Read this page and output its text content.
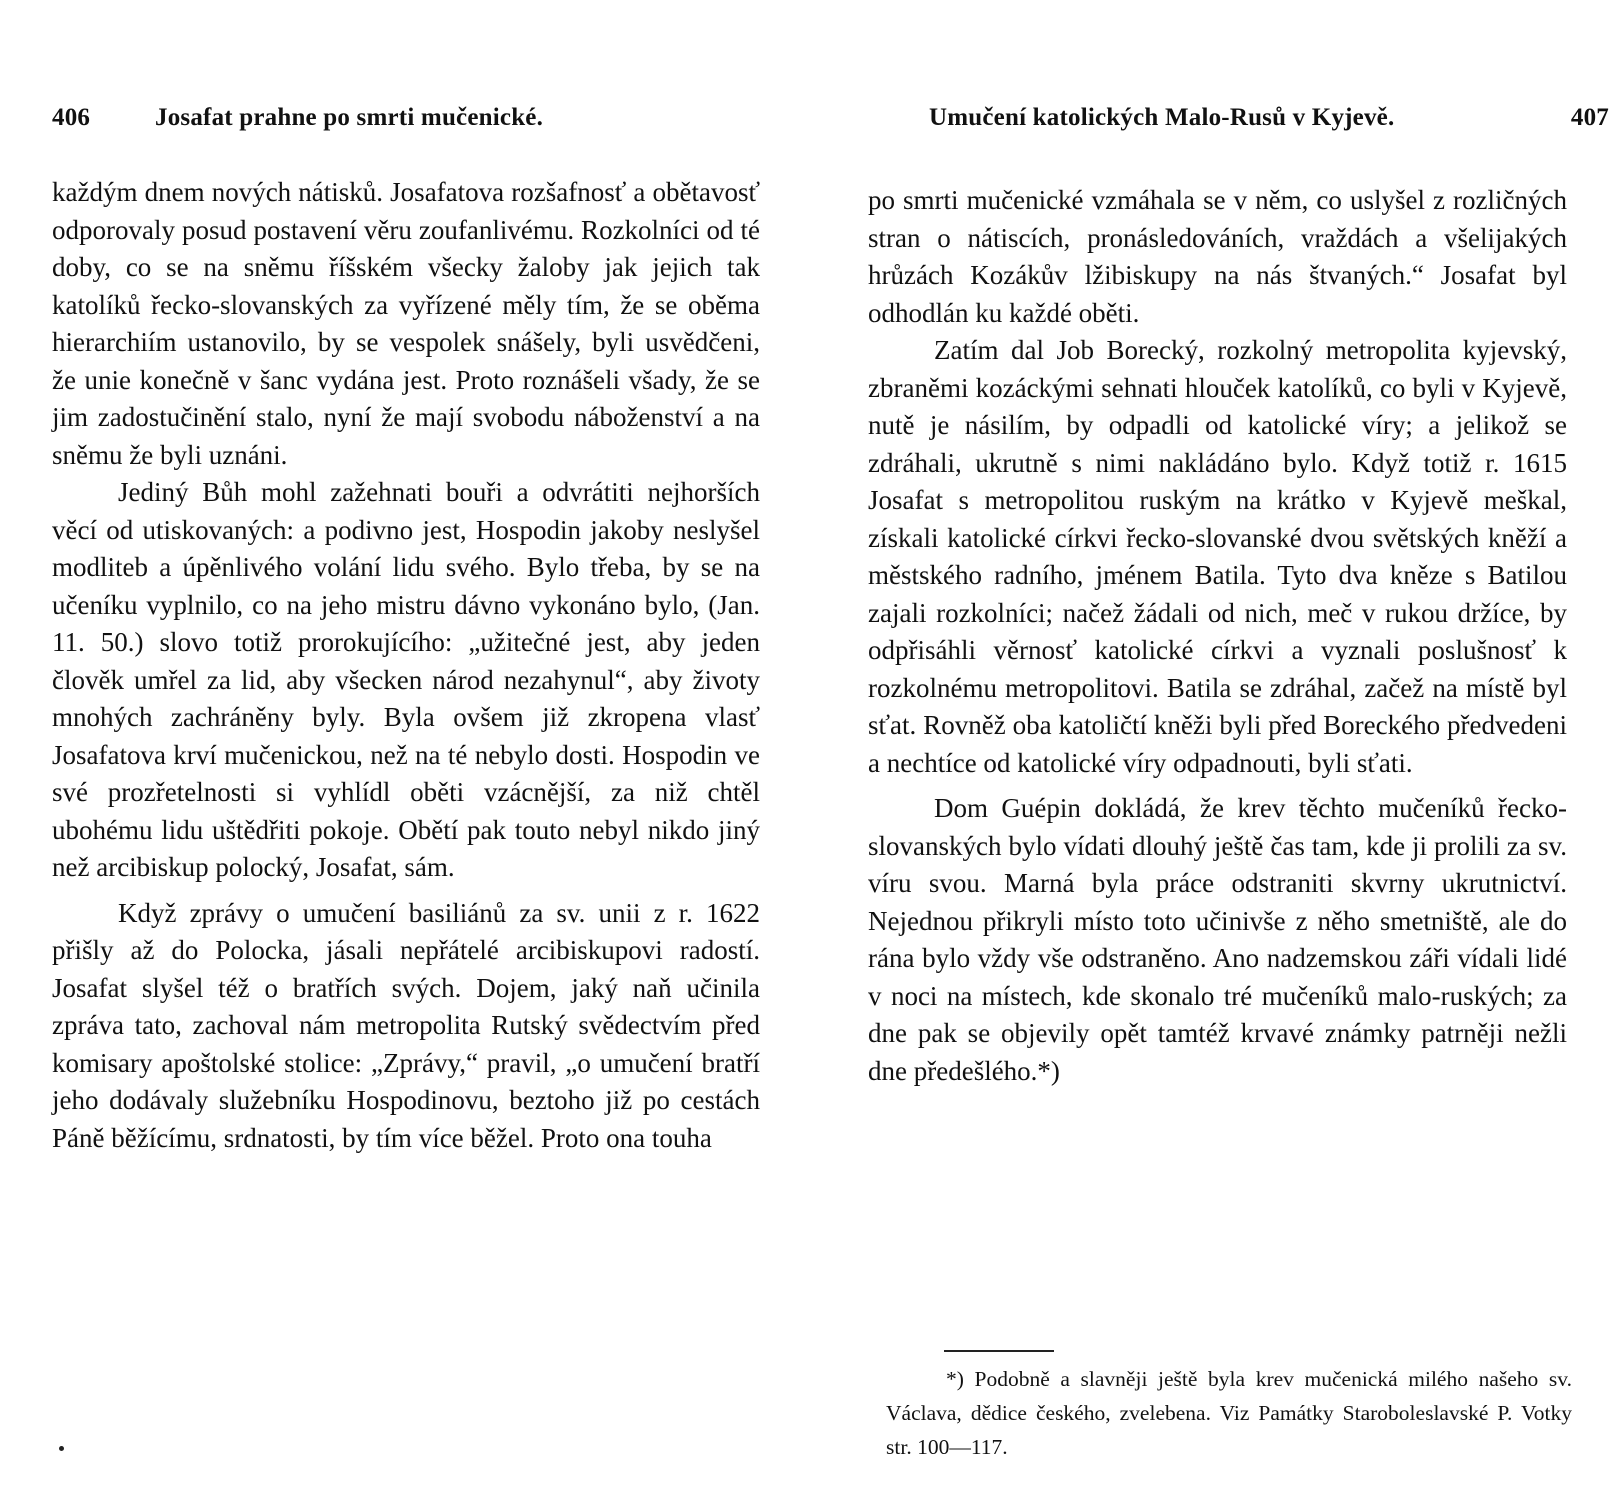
406	Josafat prahne po smrti mučenické.

každým dnem nových nátisků. Josafatova rozšafnosť a obětavosť odporovaly posud postavení věru zoufanlivému. Rozkolníci od té doby, co se na sněmu říšském všecky žaloby jak jejich tak katolíků řecko-slovanských za vyřízené měly tím, že se oběma hierarchiím ustanovilo, by se vespolek snášely, byli usvědčeni, že unie konečně v šanc vydána jest. Proto roznášeli všady, že se jim zadostučinění stalo, nyní že mají svobodu náboženství a na sněmu že byli uznáni.

Jediný Bůh mohl zažehnati bouři a odvrátiti nejhorších věcí od utiskovaných: a podivno jest, Hospodin jakoby neslyšel modliteb a úpěnlivého volání lidu svého. Bylo třeba, by se na učeníku vyplnilo, co na jeho mistru dávno vykonáno bylo, (Jan. 11. 50.) slovo totiž prorokujícího: „užitečné jest, aby jeden člověk umřel za lid, aby všecken národ nezahynul“, aby životy mnohých zachráněny byly. Byla ovšem již zkropena vlasť Josafatova krví mučenickou, než na té nebylo dosti. Hospodin ve své prozřetelnosti si vyhlídl oběti vzácnější, za niž chtěl ubohému lidu uštědřiti pokoje. Obětí pak touto nebyl nikdo jiný než arcibiskup polocký, Josafat, sám.

Když zprávy o umučení basiliánů za sv. unii z r. 1622 přišly až do Polocka, jásali nepřátelé arcibiskupovi radostí. Josafat slyšel též o bratřích svých. Dojem, jaký naň učinila zpráva tato, zachoval nám metropolita Rutský svědectvím před komisary apoštolské stolice: „Zprávy,“ pravil, „o umučení bratří jeho dodávaly služebníku Hospodinovu, beztoho již po cestách Páně běžícímu, srdnatosti, by tím více běžel. Proto ona touha

Umučení katolických Malo-Rusů v Kyjevě.	407

po smrti mučenické vzmáhala se v něm, co uslyšel z rozličných stran o nátiscích, pronásledováních, vraždách a všelijakých hrůzách Kozákův lžibiskupy na nás štvaných.“ Josafat byl odhodlán ku každé oběti.

Zatím dal Job Borecký, rozkolný metropolita kyjevský, zbraněmi kozáckými sehnati hlouček katolíků, co byli v Kyjevě, nutě je násilím, by odpadli od katolické víry; a jelikož se zdráhali, ukrutně s nimi nakládáno bylo. Když totiž r. 1615 Josafat s metropolitou ruským na krátko v Kyjevě meškal, získali katolické církvi řecko-slovanské dvou světských kněží a městského radního, jménem Batila. Tyto dva kněze s Batilou zajali rozkolníci; načež žádali od nich, meč v rukou držíce, by odpřisáhli věrnosť katolické církvi a vyznali poslušnosť k rozkolnému metropolitovi. Batila se zdráhal, začež na místě byl sťat. Rovněž oba katoličtí kněži byli před Boreckého předvedeni a nechtíce od katolické víry odpadnouti, byli sťati.

Dom Guépin dokládá, že krev těchto mučeníků řecko-slovanských bylo vídati dlouhý ještě čas tam, kde ji prolili za sv. víru svou. Marná byla práce odstraniti skvrny ukrutnictví. Nejednou přikryli místo toto učinivše z něho smetniště, ale do rána bylo vždy vše odstraněno. Ano nadzemskou záři vídali lidé v noci na místech, kde skonalo tré mučeníků malo-ruských; za dne pak se objevily opět tamtéž krvavé známky patrněji nežli dne předešlého.*)

*) Podobně a slavněji ještě byla krev mučenická milého našeho sv. Václava, dědice českého, zvelebena. Viz Památky Staroboleslavské P. Votky str. 100—117.
